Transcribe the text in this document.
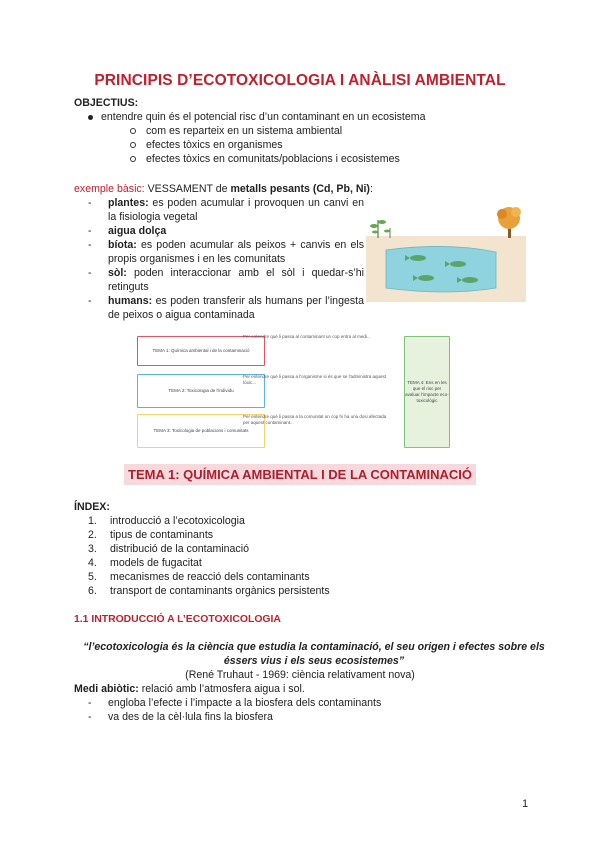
PRINCIPIS D’ECOTOXICOLOGIA I ANÀLISI AMBIENTAL
OBJECTIUS:
entendre quin és el potencial risc d’un contaminant en un ecosistema
com es reparteix en un sistema ambiental
efectes tòxics en organismes
efectes tòxics en comunitats/poblacions i ecosistemes
exemple bàsic: VESSAMENT de metalls pesants (Cd, Pb, Ni):
- plantes: es poden acumular i provoquen un canvi en la fisiologia vegetal
- aigua dolça
- bíota: es poden acumular als peixos + canvis en els propis organismes i en les comunitats
- sòl: poden interaccionar amb el sòl i quedar-s’hi retinguts
- humans: es poden transferir als humans per l’ingesta de peixos o aigua contaminada
TEMA 1: Química ambiental i de la contaminació
Per entendre què li passa al contaminant un cop entra al medi...
TEMA 2: Toxicologia de l'individu
Per entendre què li passa a l'organisme si és que se l'administra aquest tòxic...
TEMA 3: Toxicologia de poblacions i comunitats
Per entendre què li passa a la comunitat un cop hi ha una dosi afectada per aquest contaminant...
TEMA 4: Ens en les que el risc per avaluar l'impacte eco-toxicològic
TEMA 1: QUÍMICA AMBIENTAL I DE LA CONTAMINACIÓ
ÍNDEX:
1. introducció a l’ecotoxicologia
2. tipus de contaminants
3. distribució de la contaminació
4. models de fugacitat
5. mecanismes de reacció dels contaminants
6. transport de contaminants orgànics persistents
1.1 INTRODUCCIÓ A L’ECOTOXICOLOGIA
“l’ecotoxicologia és la ciència que estudia la contaminació, el seu origen i efectes sobre els éssers vius i els seus ecosistemes”
(René Truhaut - 1969: ciència relativament nova)
Medi abiòtic: relació amb l’atmosfera aigua i sol.
- engloba l’efecte i l’impacte a la biosfera dels contaminants
- va des de la cèl·lula fins la biosfera
1
